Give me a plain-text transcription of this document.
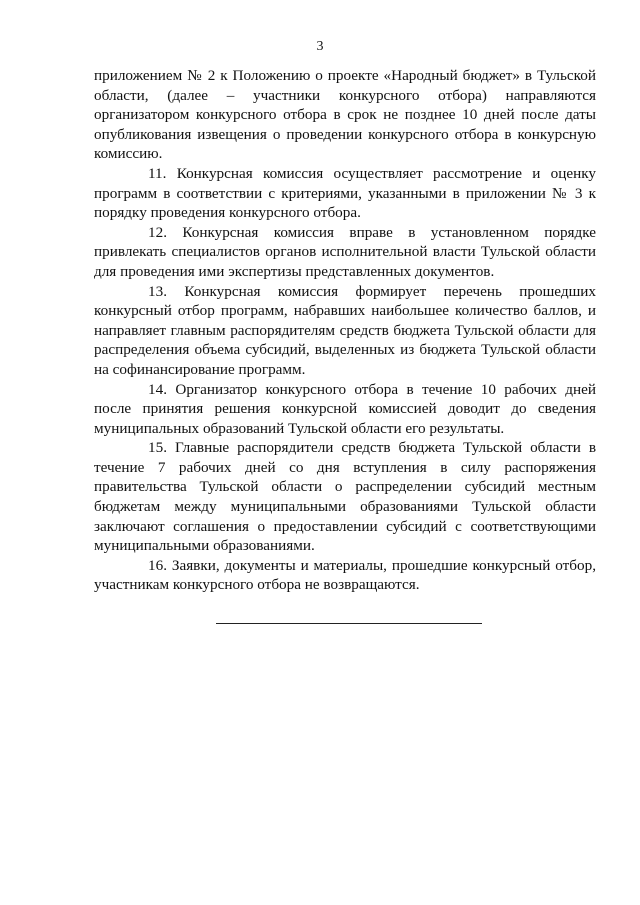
3

приложением № 2 к Положению о проекте «Народный бюджет» в Тульской области, (далее – участники конкурсного отбора) направляются организатором конкурсного отбора в срок не позднее 10 дней после даты опубликования извещения о проведении конкурсного отбора в конкурсную комиссию.

11. Конкурсная комиссия осуществляет рассмотрение и оценку программ в соответствии с критериями, указанными в приложении № 3 к порядку проведения конкурсного отбора.

12. Конкурсная комиссия вправе в установленном порядке привлекать специалистов органов исполнительной власти Тульской области для проведения ими экспертизы представленных документов.

13. Конкурсная комиссия формирует перечень прошедших конкурсный отбор программ, набравших наибольшее количество баллов, и направляет главным распорядителям средств бюджета Тульской области для распределения объема субсидий, выделенных из бюджета Тульской области на софинансирование программ.

14. Организатор конкурсного отбора в течение 10 рабочих дней после принятия решения конкурсной комиссией доводит до сведения муниципальных образований Тульской области его результаты.

15. Главные распорядители средств бюджета Тульской области в течение 7 рабочих дней со дня вступления в силу распоряжения правительства Тульской области о распределении субсидий местным бюджетам между муниципальными образованиями Тульской области заключают соглашения о предоставлении субсидий с соответствующими муниципальными образованиями.

16. Заявки, документы и материалы, прошедшие конкурсный отбор, участникам конкурсного отбора не возвращаются.
